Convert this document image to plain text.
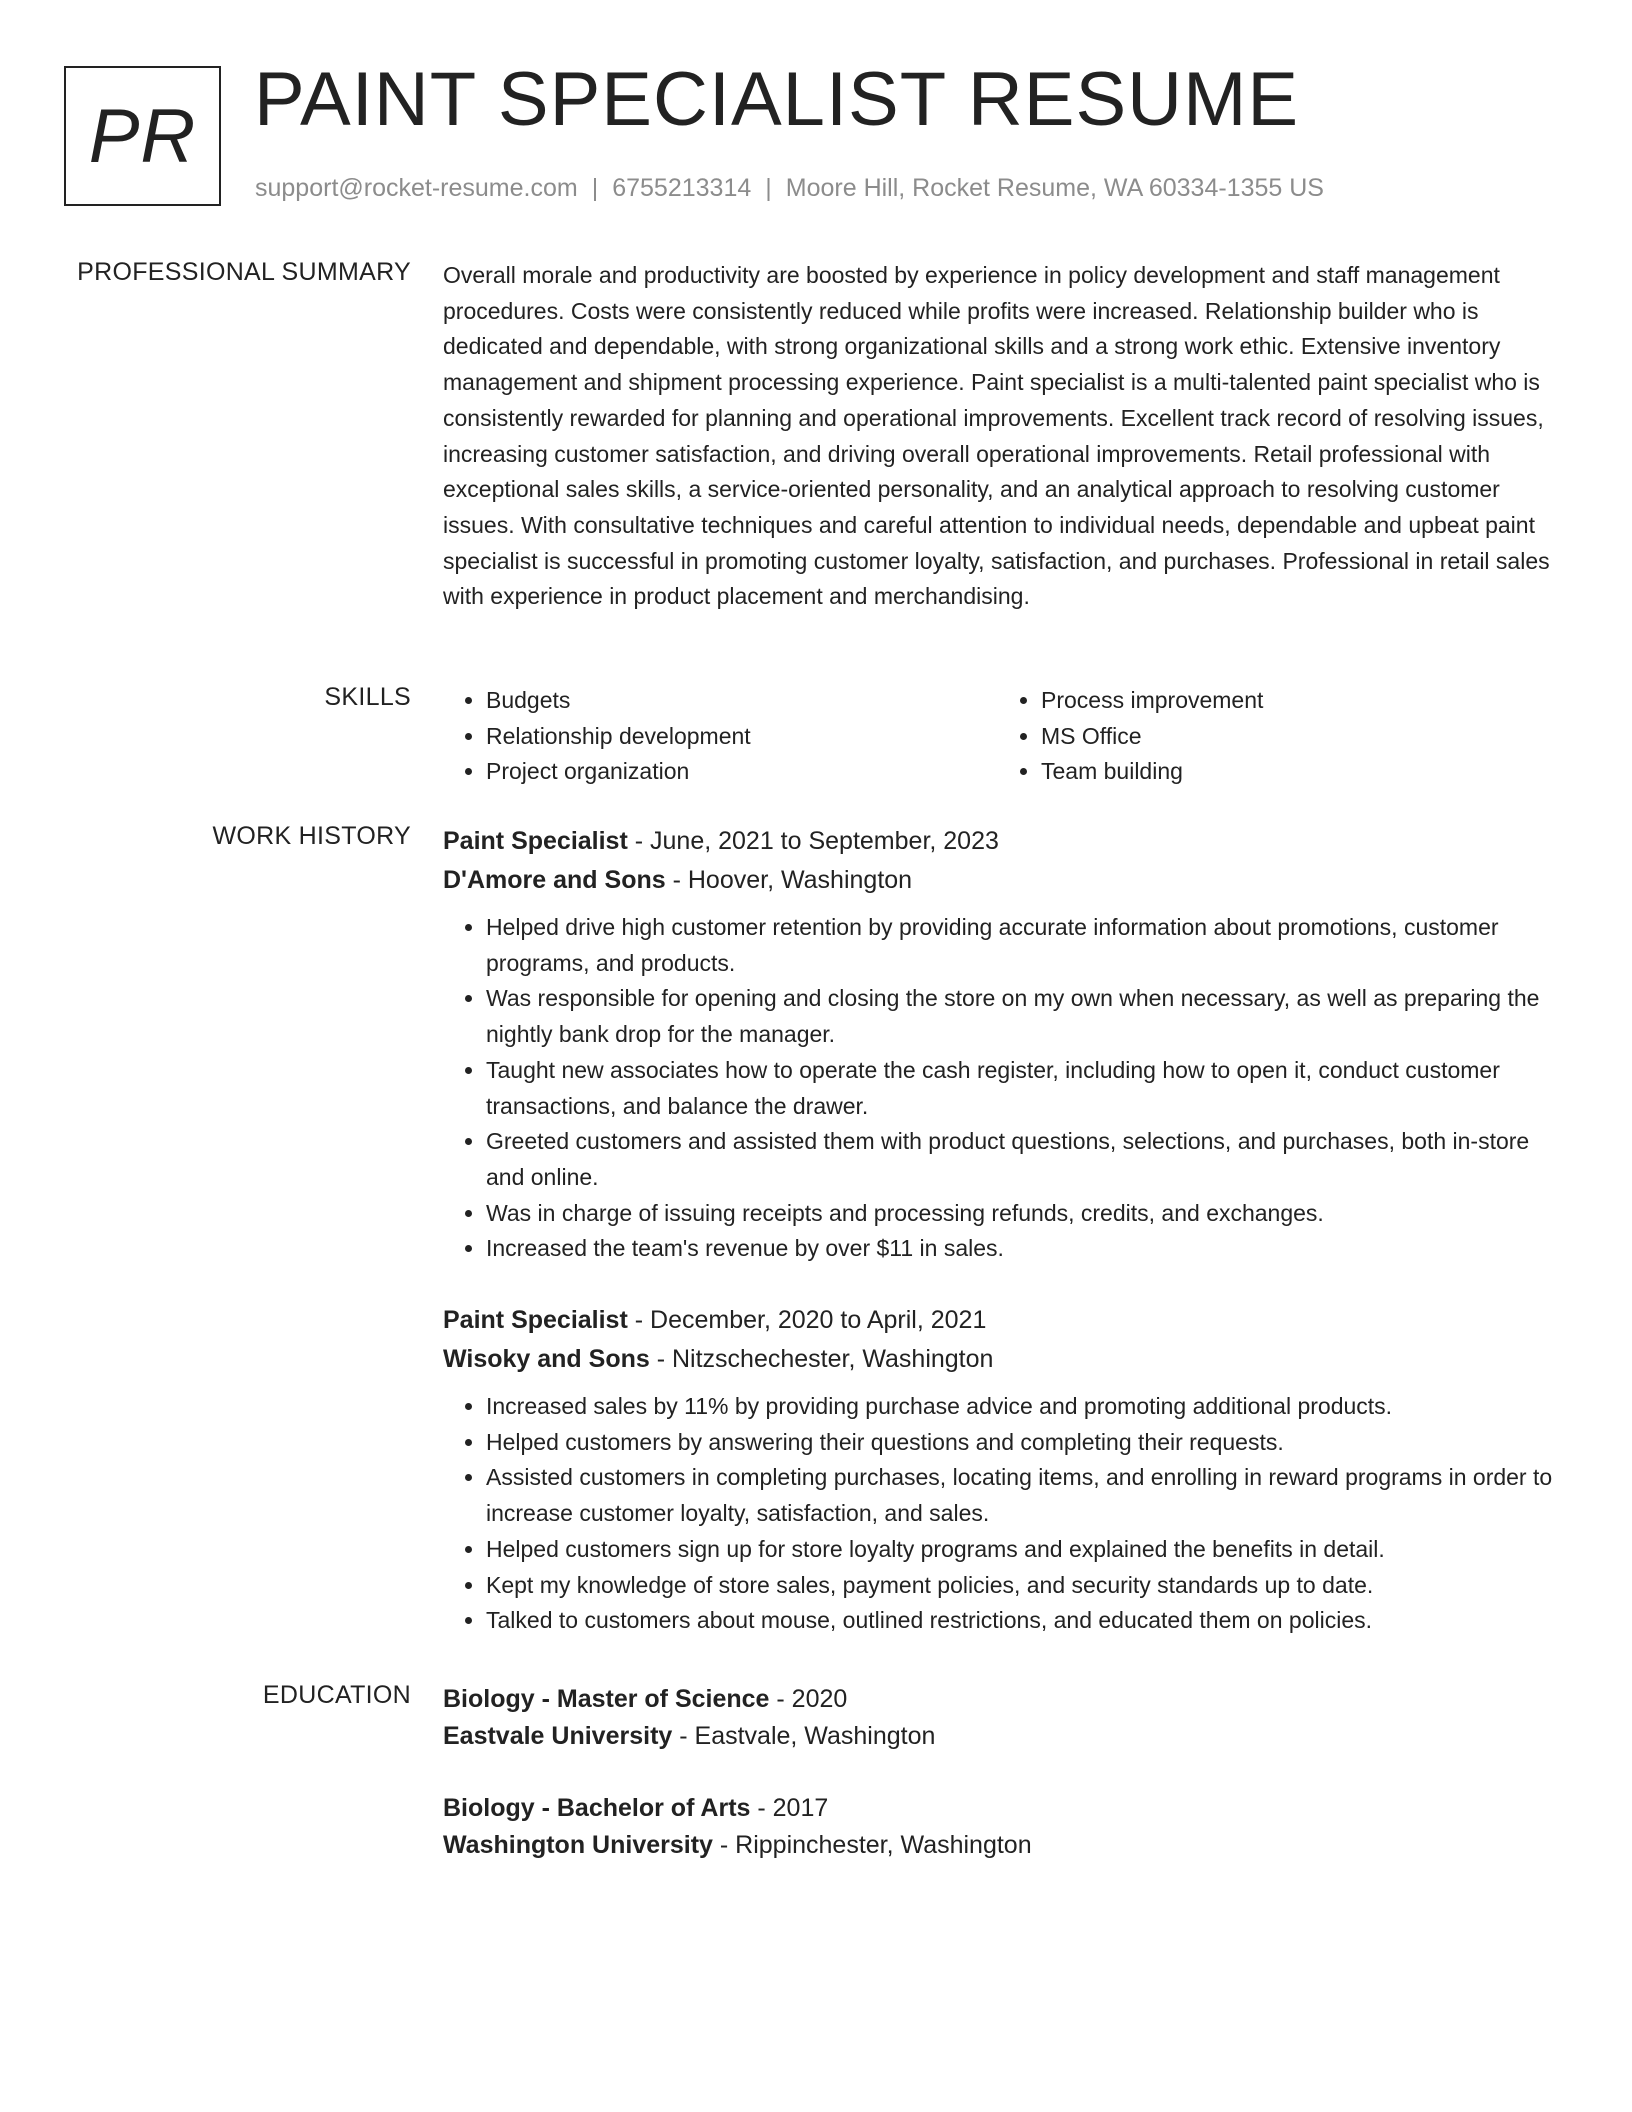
PR PAINT SPECIALIST RESUME
support@rocket-resume.com | 6755213314 | Moore Hill, Rocket Resume, WA 60334-1355 US
PROFESSIONAL SUMMARY Overall morale and productivity are boosted by experience in policy development and staff management procedures. Costs were consistently reduced while profits were increased. Relationship builder who is dedicated and dependable, with strong organizational skills and a strong work ethic. Extensive inventory management and shipment processing experience. Paint specialist is a multi-talented paint specialist who is consistently rewarded for planning and operational improvements. Excellent track record of resolving issues, increasing customer satisfaction, and driving overall operational improvements. Retail professional with exceptional sales skills, a service-oriented personality, and an analytical approach to resolving customer issues. With consultative techniques and careful attention to individual needs, dependable and upbeat paint specialist is successful in promoting customer loyalty, satisfaction, and purchases. Professional in retail sales with experience in product placement and merchandising.

SKILLS
•	Budgets
• Relationship development
• Project organization
• Process improvement
• MS Office
• Team building
WORK HISTORY Paint Specialist - June, 2021 to September, 2023
D'Amore and Sons - Hoover, Washington
• Helped drive high customer retention by providing accurate information about promotions, customer programs, and products.
• Was responsible for opening and closing the store on my own when necessary, as well as preparing the nightly bank drop for the manager.
• Taught new associates how to operate the cash register, including how to open it, conduct customer transactions, and balance the drawer.
• Greeted customers and assisted them with product questions, selections, and purchases, both in-store and online.
• Was in charge of issuing receipts and processing refunds, credits, and exchanges.
• Increased the team's revenue by over $11 in sales.
Paint Specialist - December, 2020 to April, 2021
Wisoky and Sons - Nitzschechester, Washington
• Increased sales by 11% by providing purchase advice and promoting additional products.
• Helped customers by answering their questions and completing their requests.
• Assisted customers in completing purchases, locating items, and enrolling in reward programs in order to increase customer loyalty, satisfaction, and sales.
• Helped customers sign up for store loyalty programs and explained the benefits in detail.
• Kept my knowledge of store sales, payment policies, and security standards up to date.
• Talked to customers about mouse, outlined restrictions, and educated them on policies.
EDUCATION Biology - Master of Science - 2020
Eastvale University - Eastvale, Washington
Biology - Bachelor of Arts - 2017
Washington University - Rippinchester, Washington
